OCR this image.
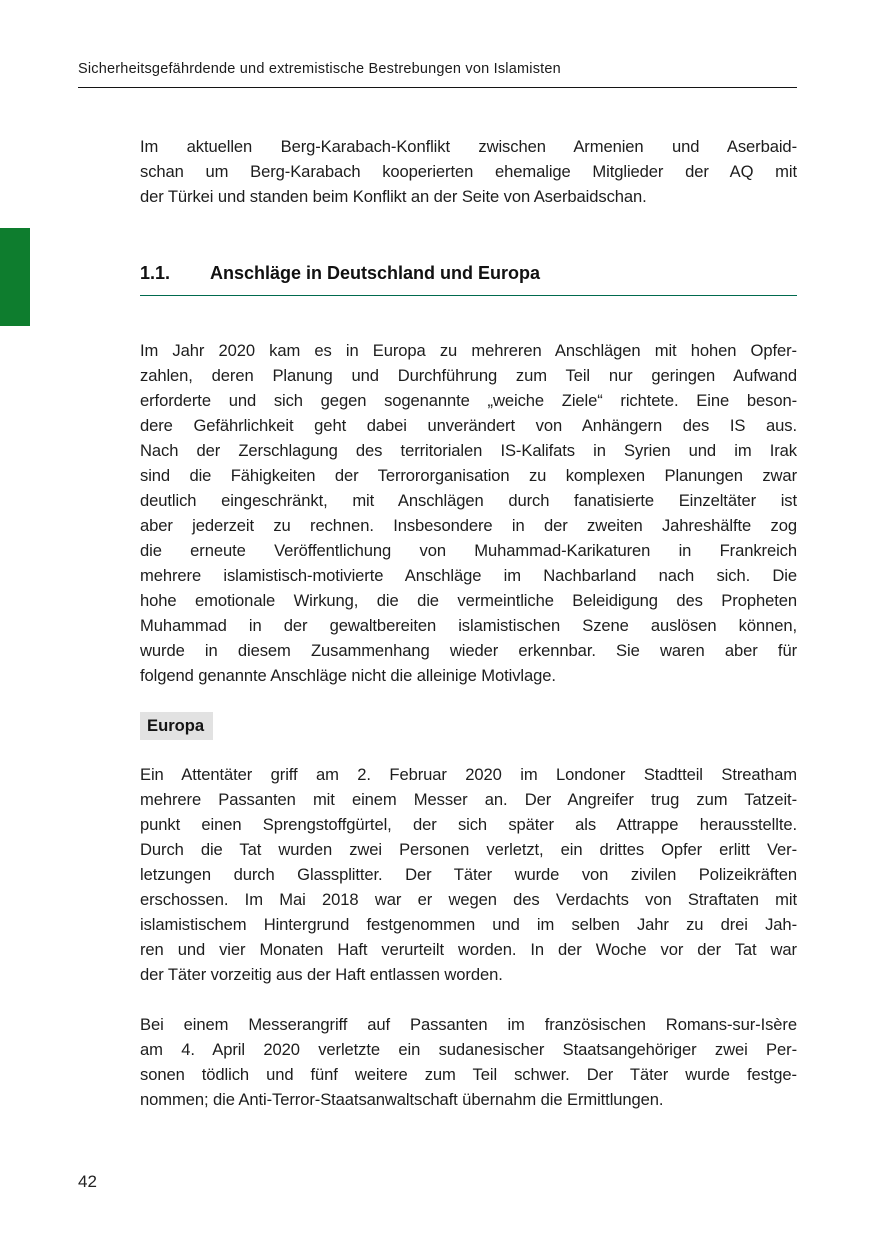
Sicherheitsgefährdende und extremistische Bestrebungen von Islamisten
Im aktuellen Berg-Karabach-Konflikt zwischen Armenien und Aserbaid-
schan um Berg-Karabach kooperierten ehemalige Mitglieder der AQ mit
der Türkei und standen beim Konflikt an der Seite von Aserbaidschan.
1.1.	Anschläge in Deutschland und Europa
Im Jahr 2020 kam es in Europa zu mehreren Anschlägen mit hohen Opfer-
zahlen, deren Planung und Durchführung zum Teil nur geringen Aufwand
erforderte und sich gegen sogenannte „weiche Ziele“ richtete. Eine beson-
dere Gefährlichkeit geht dabei unverändert von Anhängern des IS aus.
Nach der Zerschlagung des territorialen IS-Kalifats in Syrien und im Irak
sind die Fähigkeiten der Terrororganisation zu komplexen Planungen zwar
deutlich eingeschränkt, mit Anschlägen durch fanatisierte Einzeltäter ist
aber jederzeit zu rechnen. Insbesondere in der zweiten Jahreshälfte zog
die erneute Veröffentlichung von Muhammad-Karikaturen in Frankreich
mehrere islamistisch-motivierte Anschläge im Nachbarland nach sich. Die
hohe emotionale Wirkung, die die vermeintliche Beleidigung des Propheten
Muhammad in der gewaltbereiten islamistischen Szene auslösen können,
wurde in diesem Zusammenhang wieder erkennbar. Sie waren aber für
folgend genannte Anschläge nicht die alleinige Motivlage.
Europa
Ein Attentäter griff am 2. Februar 2020 im Londoner Stadtteil Streatham
mehrere Passanten mit einem Messer an. Der Angreifer trug zum Tatzeit-
punkt einen Sprengstoffgürtel, der sich später als Attrappe herausstellte.
Durch die Tat wurden zwei Personen verletzt, ein drittes Opfer erlitt Ver-
letzungen durch Glassplitter. Der Täter wurde von zivilen Polizeikräften
erschossen. Im Mai 2018 war er wegen des Verdachts von Straftaten mit
islamistischem Hintergrund festgenommen und im selben Jahr zu drei Jah-
ren und vier Monaten Haft verurteilt worden. In der Woche vor der Tat war
der Täter vorzeitig aus der Haft entlassen worden.
Bei einem Messerangriff auf Passanten im französischen Romans-sur-Isère
am 4. April 2020 verletzte ein sudanesischer Staatsangehöriger zwei Per-
sonen tödlich und fünf weitere zum Teil schwer. Der Täter wurde festge-
nommen; die Anti-Terror-Staatsanwaltschaft übernahm die Ermittlungen.
42
